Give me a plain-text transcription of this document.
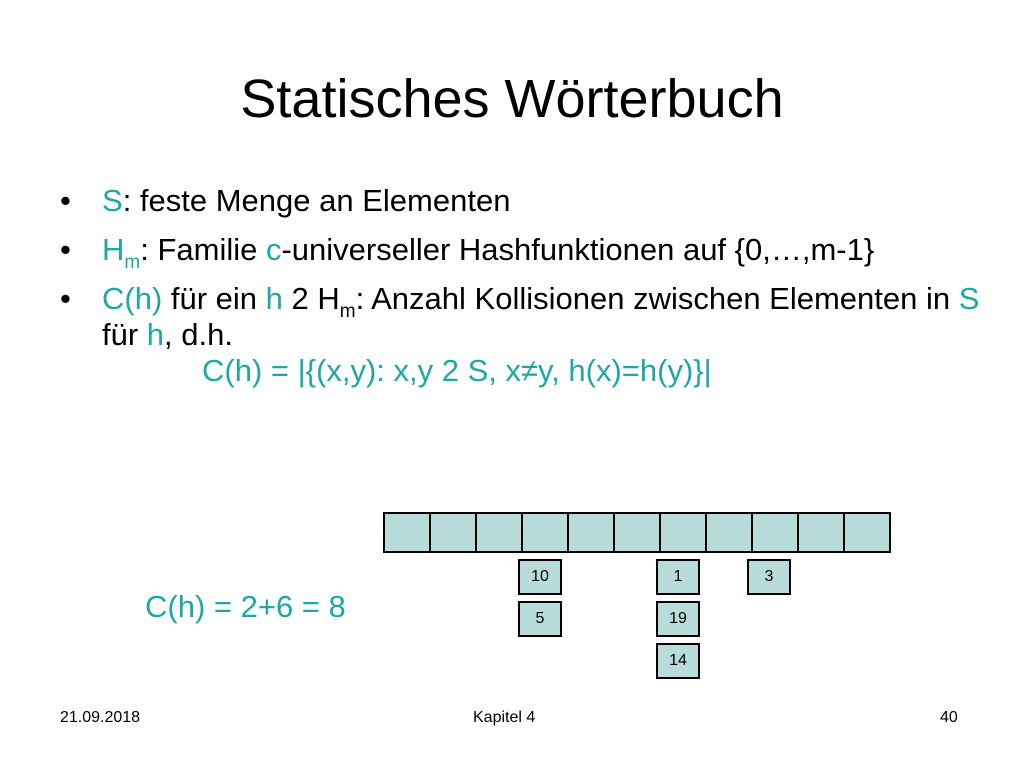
Statisches Wörterbuch
• S: feste Menge an Elementen
• $H_m$: Familie c-universeller Hashfunktionen auf {0,…,m-1}
• C(h) für ein h 2 $H_m$: Anzahl Kollisionen zwischen Elementen in S für h, d.h.
C(h) = |{(x,y): x,y 2 S, x≠y, h(x)=h(y)}|
10
5
1
19
14
3
C(h) = 2+6 = 8
21.09.2018	Kapitel 4	40
